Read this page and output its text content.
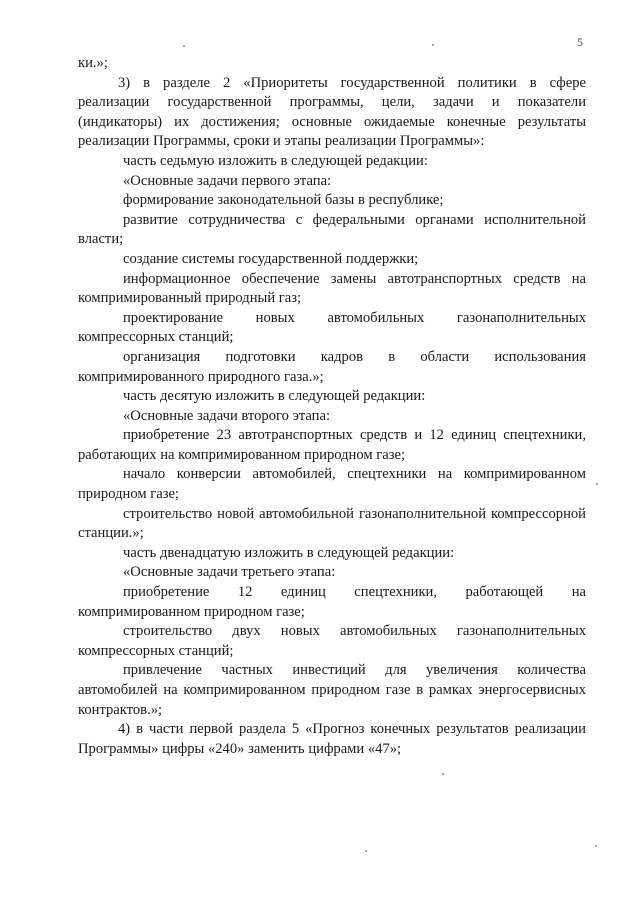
5

ки.»;

3) в разделе 2 «Приоритеты государственной политики в сфере реализации государственной программы, цели, задачи и показатели (индикаторы) их достижения; основные ожидаемые конечные результаты реализации Программы, сроки и этапы реализации Программы»:

часть седьмую изложить в следующей редакции:

«Основные задачи первого этапа:

формирование законодательной базы в республике;

развитие сотрудничества с федеральными органами исполнительной власти;

создание системы государственной поддержки;

информационное обеспечение замены автотранспортных средств на компримированный природный газ;

проектирование новых автомобильных газонаполнительных компрессорных станций;

организация подготовки кадров в области использования компримированного природного газа.»;

часть десятую изложить в следующей редакции:

«Основные задачи второго этапа:

приобретение 23 автотранспортных средств и 12 единиц спецтехники, работающих на компримированном природном газе;

начало конверсии автомобилей, спецтехники на компримированном природном газе;

строительство новой автомобильной газонаполнительной компрессорной станции.»;

часть двенадцатую изложить в следующей редакции:

«Основные задачи третьего этапа:

приобретение 12 единиц спецтехники, работающей на компримированном природном газе;

строительство двух новых автомобильных газонаполнительных компрессорных станций;

привлечение частных инвестиций для увеличения количества автомобилей на компримированном природном газе в рамках энергосервисных контрактов.»;

4) в части первой раздела 5 «Прогноз конечных результатов реализации Программы» цифры «240» заменить цифрами «47»;
